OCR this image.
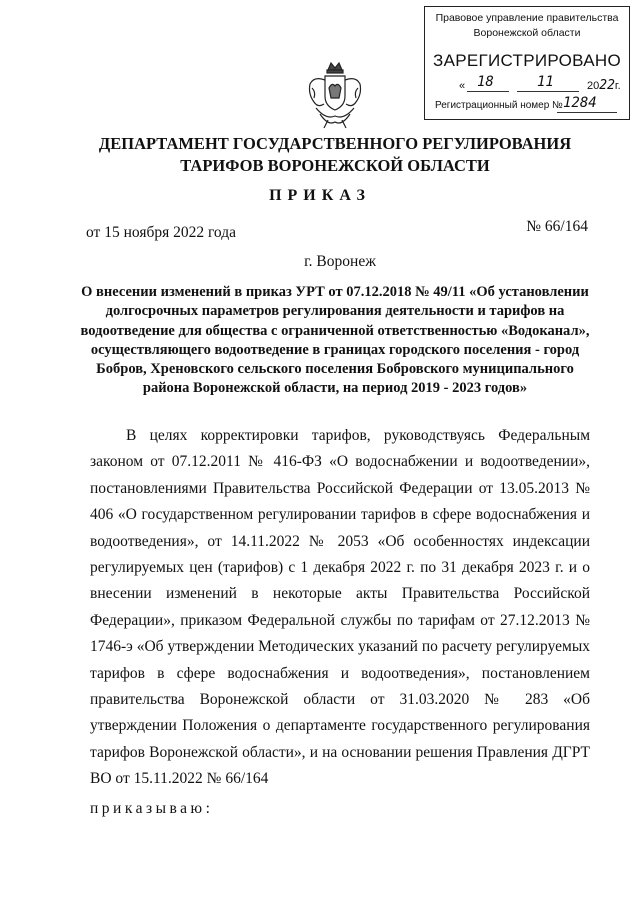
Правовое управление правительства
Воронежской области
ЗАРЕГИСТРИРОВАНО
« 18	11	2022г.
Регистрационный номер № 1284
ДЕПАРТАМЕНТ ГОСУДАРСТВЕННОГО РЕГУЛИРОВАНИЯ
ТАРИФОВ ВОРОНЕЖСКОЙ ОБЛАСТИ
ПРИКАЗ
от 15 ноября 2022 года	№ 66/164
г. Воронеж
О внесении изменений в приказ УРТ от 07.12.2018 № 49/11 «Об установлении долгосрочных параметров регулирования деятельности и тарифов на водоотведение для общества с ограниченной ответственностью «Водоканал», осуществляющего водоотведение в границах городского поселения - город Бобров, Хреновского сельского поселения Бобровского муниципального района Воронежской области, на период 2019 - 2023 годов»

В целях корректировки тарифов, руководствуясь Федеральным законом от 07.12.2011 № 416-ФЗ «О водоснабжении и водоотведении», постановлениями Правительства Российской Федерации от 13.05.2013 № 406 «О государственном регулировании тарифов в сфере водоснабжения и водоотведения», от 14.11.2022 № 2053 «Об особенностях индексации регулируемых цен (тарифов) с 1 декабря 2022 г. по 31 декабря 2023 г. и о внесении изменений в некоторые акты Правительства Российской Федерации», приказом Федеральной службы по тарифам от 27.12.2013 № 1746-э «Об утверждении Методических указаний по расчету регулируемых тарифов в сфере водоснабжения и водоотведения», постановлением правительства Воронежской области от 31.03.2020 № 283 «Об утверждении Положения о департаменте государственного регулирования тарифов Воронежской области», и на основании решения Правления ДГРТ ВО от 15.11.2022 № 66/164

приказываю:
